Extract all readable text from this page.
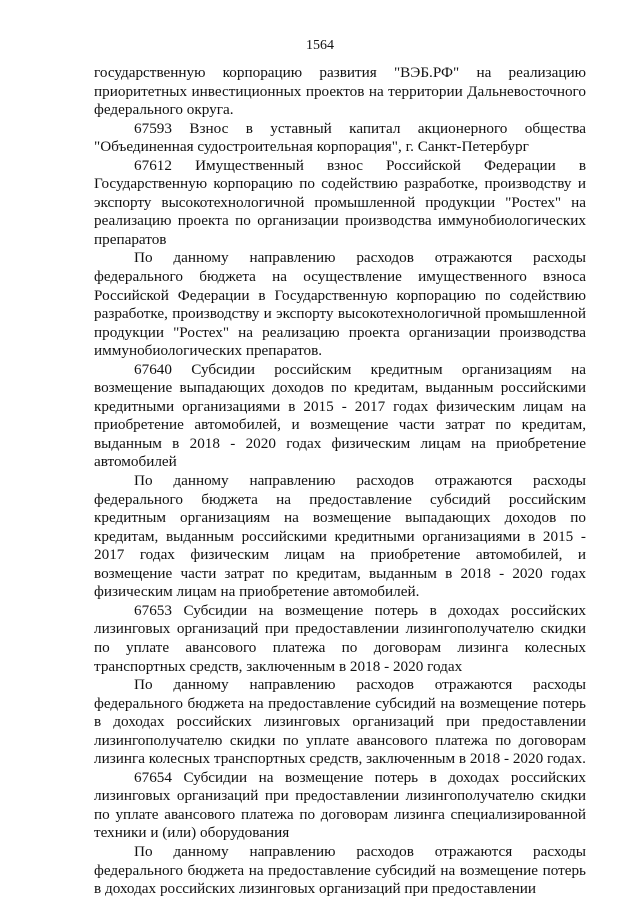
1564

государственную корпорацию развития "ВЭБ.РФ" на реализацию приоритетных инвестиционных проектов на территории Дальневосточного федерального округа.

67593 Взнос в уставный капитал акционерного общества "Объединенная судостроительная корпорация", г. Санкт-Петербург

67612 Имущественный взнос Российской Федерации в Государственную корпорацию по содействию разработке, производству и экспорту высокотехнологичной промышленной продукции "Ростех" на реализацию проекта по организации производства иммунобиологических препаратов

По данному направлению расходов отражаются расходы федерального бюджета на осуществление имущественного взноса Российской Федерации в Государственную корпорацию по содействию разработке, производству и экспорту высокотехнологичной промышленной продукции "Ростех" на реализацию проекта организации производства иммунобиологических препаратов.

67640 Субсидии российским кредитным организациям на возмещение выпадающих доходов по кредитам, выданным российскими кредитными организациями в 2015 - 2017 годах физическим лицам на приобретение автомобилей, и возмещение части затрат по кредитам, выданным в 2018 - 2020 годах физическим лицам на приобретение автомобилей

По данному направлению расходов отражаются расходы федерального бюджета на предоставление субсидий российским кредитным организациям на возмещение выпадающих доходов по кредитам, выданным российскими кредитными организациями в 2015 - 2017 годах физическим лицам на приобретение автомобилей, и возмещение части затрат по кредитам, выданным в 2018 - 2020 годах физическим лицам на приобретение автомобилей.

67653 Субсидии на возмещение потерь в доходах российских лизинговых организаций при предоставлении лизингополучателю скидки по уплате авансового платежа по договорам лизинга колесных транспортных средств, заключенным в 2018 - 2020 годах

По данному направлению расходов отражаются расходы федерального бюджета на предоставление субсидий на возмещение потерь в доходах российских лизинговых организаций при предоставлении лизингополучателю скидки по уплате авансового платежа по договорам лизинга колесных транспортных средств, заключенным в 2018 - 2020 годах.

67654 Субсидии на возмещение потерь в доходах российских лизинговых организаций при предоставлении лизингополучателю скидки по уплате авансового платежа по договорам лизинга специализированной техники и (или) оборудования

По данному направлению расходов отражаются расходы федерального бюджета на предоставление субсидий на возмещение потерь в доходах российских лизинговых организаций при предоставлении
